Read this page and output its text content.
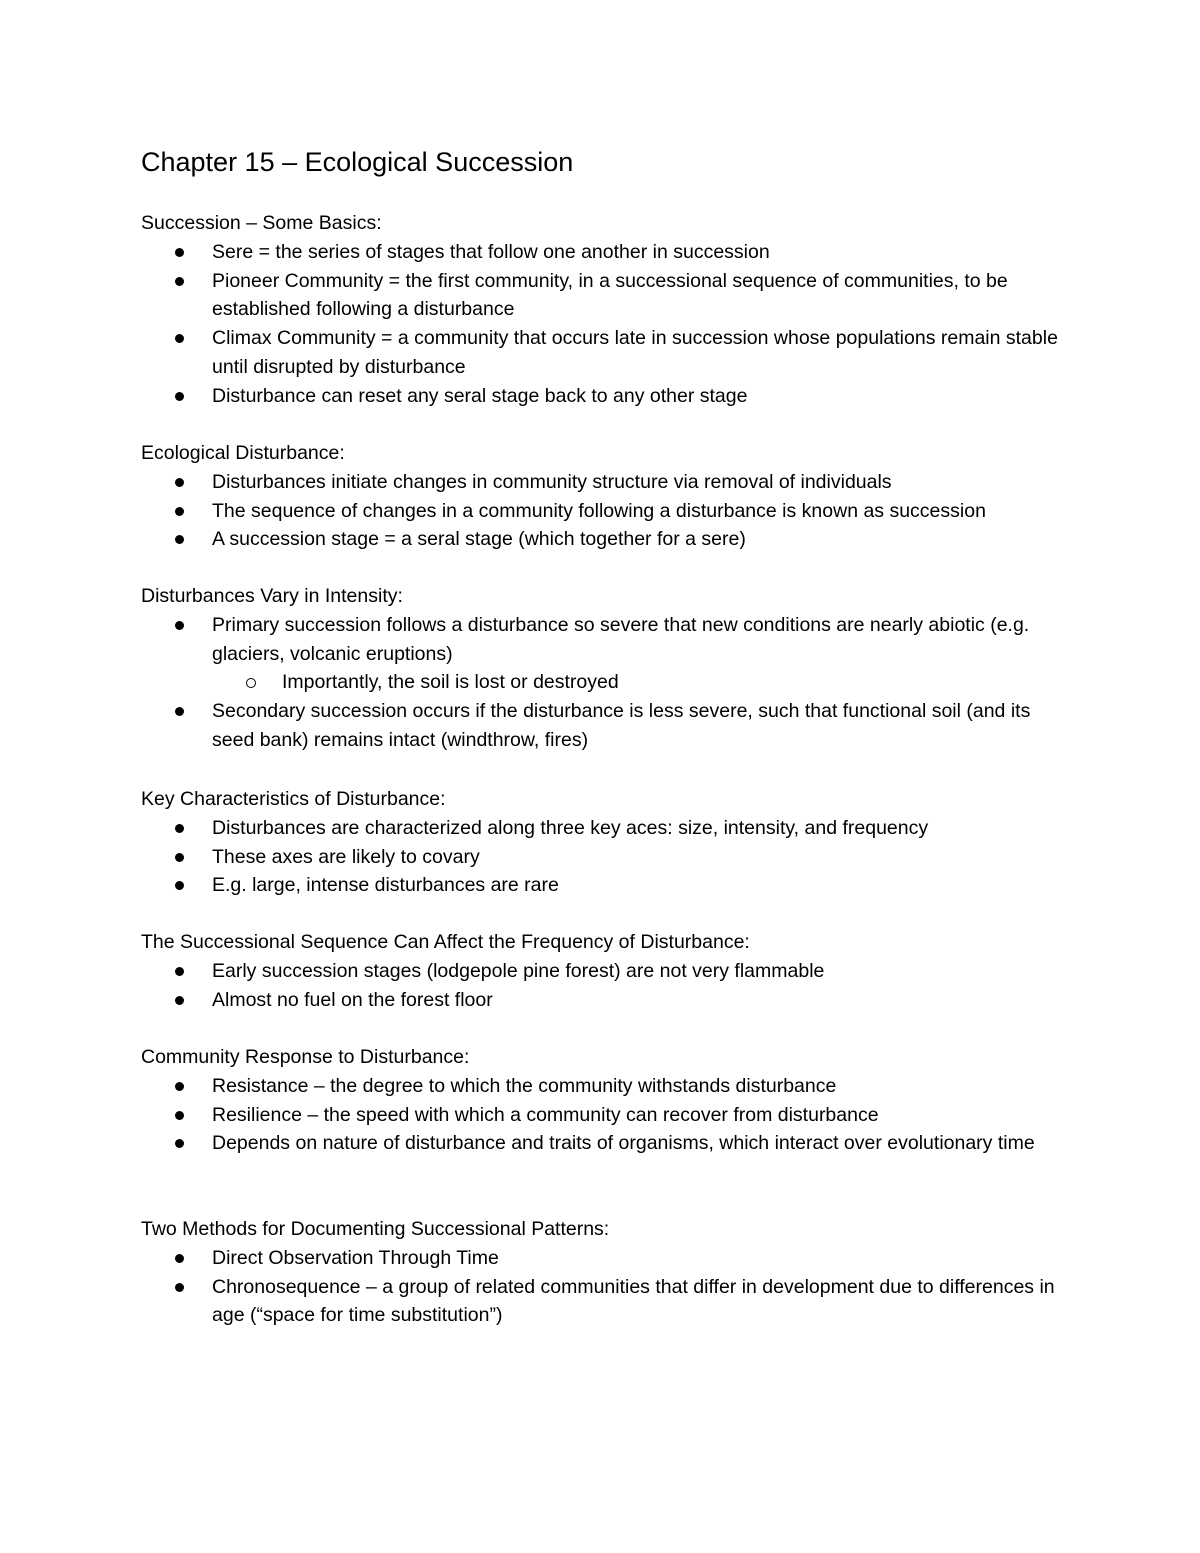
Chapter 15 – Ecological Succession

Succession – Some Basics:

Sere = the series of stages that follow one another in succession
Pioneer Community = the first community, in a successional sequence of communities, to be established following a disturbance
Climax Community = a community that occurs late in succession whose populations remain stable until disrupted by disturbance
Disturbance can reset any seral stage back to any other stage

Ecological Disturbance:

Disturbances initiate changes in community structure via removal of individuals
The sequence of changes in a community following a disturbance is known as succession
A succession stage = a seral stage (which together for a sere)

Disturbances Vary in Intensity:

Primary succession follows a disturbance so severe that new conditions are nearly abiotic (e.g. glaciers, volcanic eruptions)
Importantly, the soil is lost or destroyed
Secondary succession occurs if the disturbance is less severe, such that functional soil (and its seed bank) remains intact (windthrow, fires)

Key Characteristics of Disturbance:

Disturbances are characterized along three key aces: size, intensity, and frequency
These axes are likely to covary
E.g. large, intense disturbances are rare

The Successional Sequence Can Affect the Frequency of Disturbance:

Early succession stages (lodgepole pine forest) are not very flammable
Almost no fuel on the forest floor

Community Response to Disturbance:

Resistance – the degree to which the community withstands disturbance
Resilience – the speed with which a community can recover from disturbance
Depends on nature of disturbance and traits of organisms, which interact over evolutionary time

Two Methods for Documenting Successional Patterns:

Direct Observation Through Time
Chronosequence – a group of related communities that differ in development due to differences in age (“space for time substitution”)
